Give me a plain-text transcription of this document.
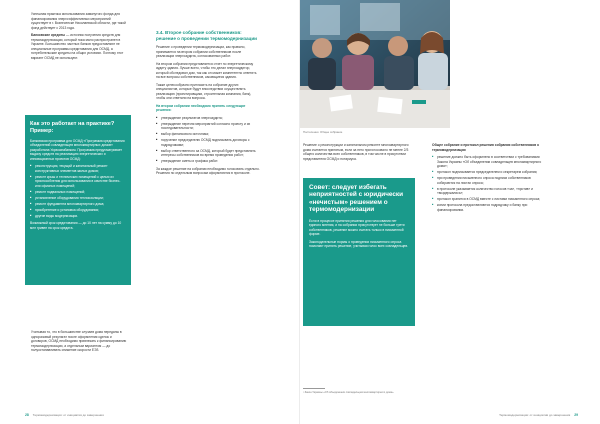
Успешная практика использования замкнутого фонда для финансирования энергоэффективных мероприятий существует в г. Вознесенске Николаевской области, где такой фонд действует с 2013 года.

Банковские кредиты — источник получения средств для термомодернизации, который пока мало распространен в Украине. Большинство частных банков предоставляют не специальные программы кредитования для ОСМД, а потребительские кредиты на общих условиях. Поэтому этот вариант ОСМД не используют.

Как это работает на практике? Пример:

Банковская программа для ОСМД «Программа кредитования объединений совладельцев многоквартирных домов» разработана Укрэксимбанком. Программа предусматривает выдачу средств на реализацию энергетических и инновационных проектов ОСМД:

■ реконструкция, текущий и капитальный ремонт конструктивных элементов жилых домов;
■ ремонт крыш и технических помещений с целью их приспособления для использования в качестве бизнес- или офисных помещений;
■ ремонт подвальных помещений;
■ установление оборудования теплоизоляции;
■ ремонт фундамента многоквартирного дома;
■ приобретение и установка оборудования;
■ другие виды модернизации.

Возможный срок кредитования — до 10 лет на сумму до 10 млн гривен на срок кредита.

Учитывая то, что в большинстве случаев дома переданы в одноразовый результат после оформления сделок и договоров, ОСМД необходимо привлекать к финансированию термомодернизации, а отдельным вариантом — до полуостанавливать снижение скорости ЕЭЗ.

3.4. Второе собрание собственников: решение о проведении термомодернизации

Решение о проведении термомодернизации, как правило, принимается на втором собрании собственников после реализации энергоаудита, согласованных работ.

На втором собрании представляется отчет по энергетическому аудиту здания. Лучше всего, чтобы это делал энергоаудитор, который обследовал дом, так как он может компетентно ответить на все вопросы собственников, касающиеся здания.

Также целесообразно пригласить на собрание других специалистов, которые будут впоследствии осуществлять реализацию (проектировщики, строительная компания, банк), чтобы они ответили на вопросы.

На втором собрании необходимо принять следующие решения:

■ утверждение результатов энергоаудита;
■ утверждение перечня мероприятий согласно проекту и их последовательности;
■ выбор финансового источника;
■ поручение председателю ОСМД подписывать договоры с подрядчиками;
■ выбор ответственного за ОСМД, который будет представлять интересы собственников во время проведения работ;
■ утверждение сметы и графика работ.

За каждое решение на собрании необходимо голосовать отдельно. Решения по отдельным вопросам оформляются в протоколе.

28 Термомодернизация: от инициатив до завершения
Постепенно: Общее собрание

Решение о реконструкции и капитальном ремонте многоквартирного дома считается принятым, если за него проголосовало не менее 2/3 общего количества всех собственников, в том числе в присутствии представителя ОСМД и нотариуса.

Совет: следует избегать неприятностей с юридически «нечистым» решением о термомодернизации

Если в процессе принятия решения для голосования нет единого мнения, и на собрании присутствует не больше трети собственников, решение можно считать только в письменной форме.

Законодательные нормы о проведении письменного опроса помогают принять решение, учитывая голос всех совладельцев.

Общее собрание и протокол решения собрания собственников о термомодернизации

■ решение должно быть оформлено в соответствии с требованиями Закона Украины «Об объединении совладельцев многоквартирного дома»;
■ протокол подписывается председателем и секретарем собрания;
■ при проведении письменного опроса подписи собственников собираются на листах опроса;
■ в протоколе указывается количество голосов «за», «против» и «воздержались»;
■ протокол хранится в ОСМД вместе с листами письменного опроса;
■ копии протокола предоставляются подрядчику и банку при финансировании.
¹ Закон Украины «Об объединении совладельцев многоквартирного дома».
Термомодернизация: от инициатив до завершения 29
